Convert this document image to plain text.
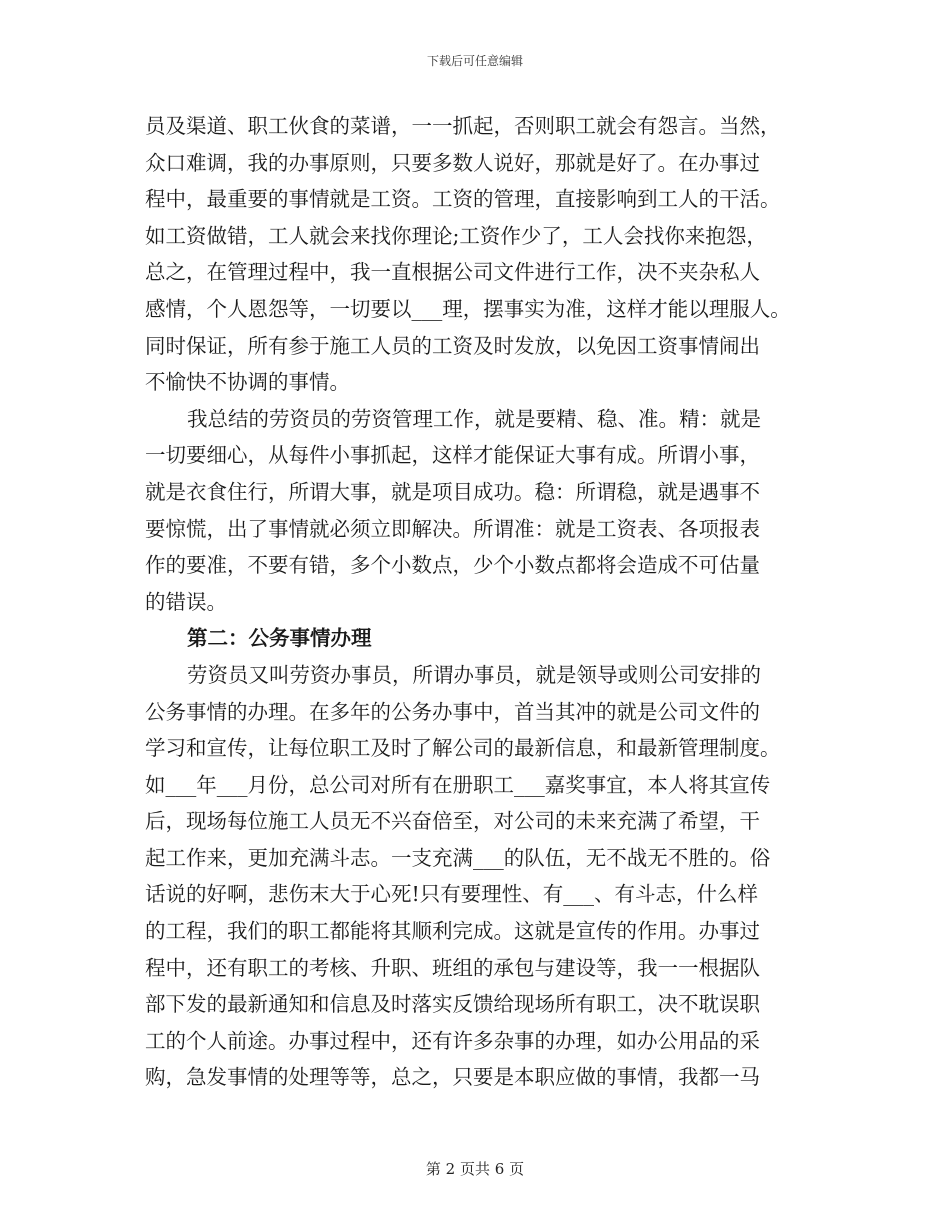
下载后可任意编辑
员及渠道、职工伙食的菜谱，一一抓起，否则职工就会有怨言。当然，
众口难调，我的办事原则，只要多数人说好，那就是好了。在办事过
程中，最重要的事情就是工资。工资的管理，直接影响到工人的干活。
如工资做错，工人就会来找你理论;工资作少了，工人会找你来抱怨，
总之，在管理过程中，我一直根据公司文件进行工作，决不夹杂私人
感情，个人恩怨等，一切要以___理，摆事实为准，这样才能以理服人。
同时保证，所有参于施工人员的工资及时发放，以免因工资事情闹出
不愉快不协调的事情。
我总结的劳资员的劳资管理工作，就是要精、稳、准。精：就是
一切要细心，从每件小事抓起，这样才能保证大事有成。所谓小事，
就是衣食住行，所谓大事，就是项目成功。稳：所谓稳，就是遇事不
要惊慌，出了事情就必须立即解决。所谓准：就是工资表、各项报表
作的要准，不要有错，多个小数点，少个小数点都将会造成不可估量
的错误。
第二：公务事情办理
劳资员又叫劳资办事员，所谓办事员，就是领导或则公司安排的
公务事情的办理。在多年的公务办事中，首当其冲的就是公司文件的
学习和宣传，让每位职工及时了解公司的最新信息，和最新管理制度。
如___年___月份，总公司对所有在册职工___嘉奖事宜，本人将其宣传
后，现场每位施工人员无不兴奋倍至，对公司的未来充满了希望，干
起工作来，更加充满斗志。一支充满___的队伍，无不战无不胜的。俗
话说的好啊，悲伤末大于心死!只有要理性、有___、有斗志，什么样
的工程，我们的职工都能将其顺利完成。这就是宣传的作用。办事过
程中，还有职工的考核、升职、班组的承包与建设等，我一一根据队
部下发的最新通知和信息及时落实反馈给现场所有职工，决不耽误职
工的个人前途。办事过程中，还有许多杂事的办理，如办公用品的采
购，急发事情的处理等等，总之，只要是本职应做的事情，我都一马
第 2 页共 6 页
